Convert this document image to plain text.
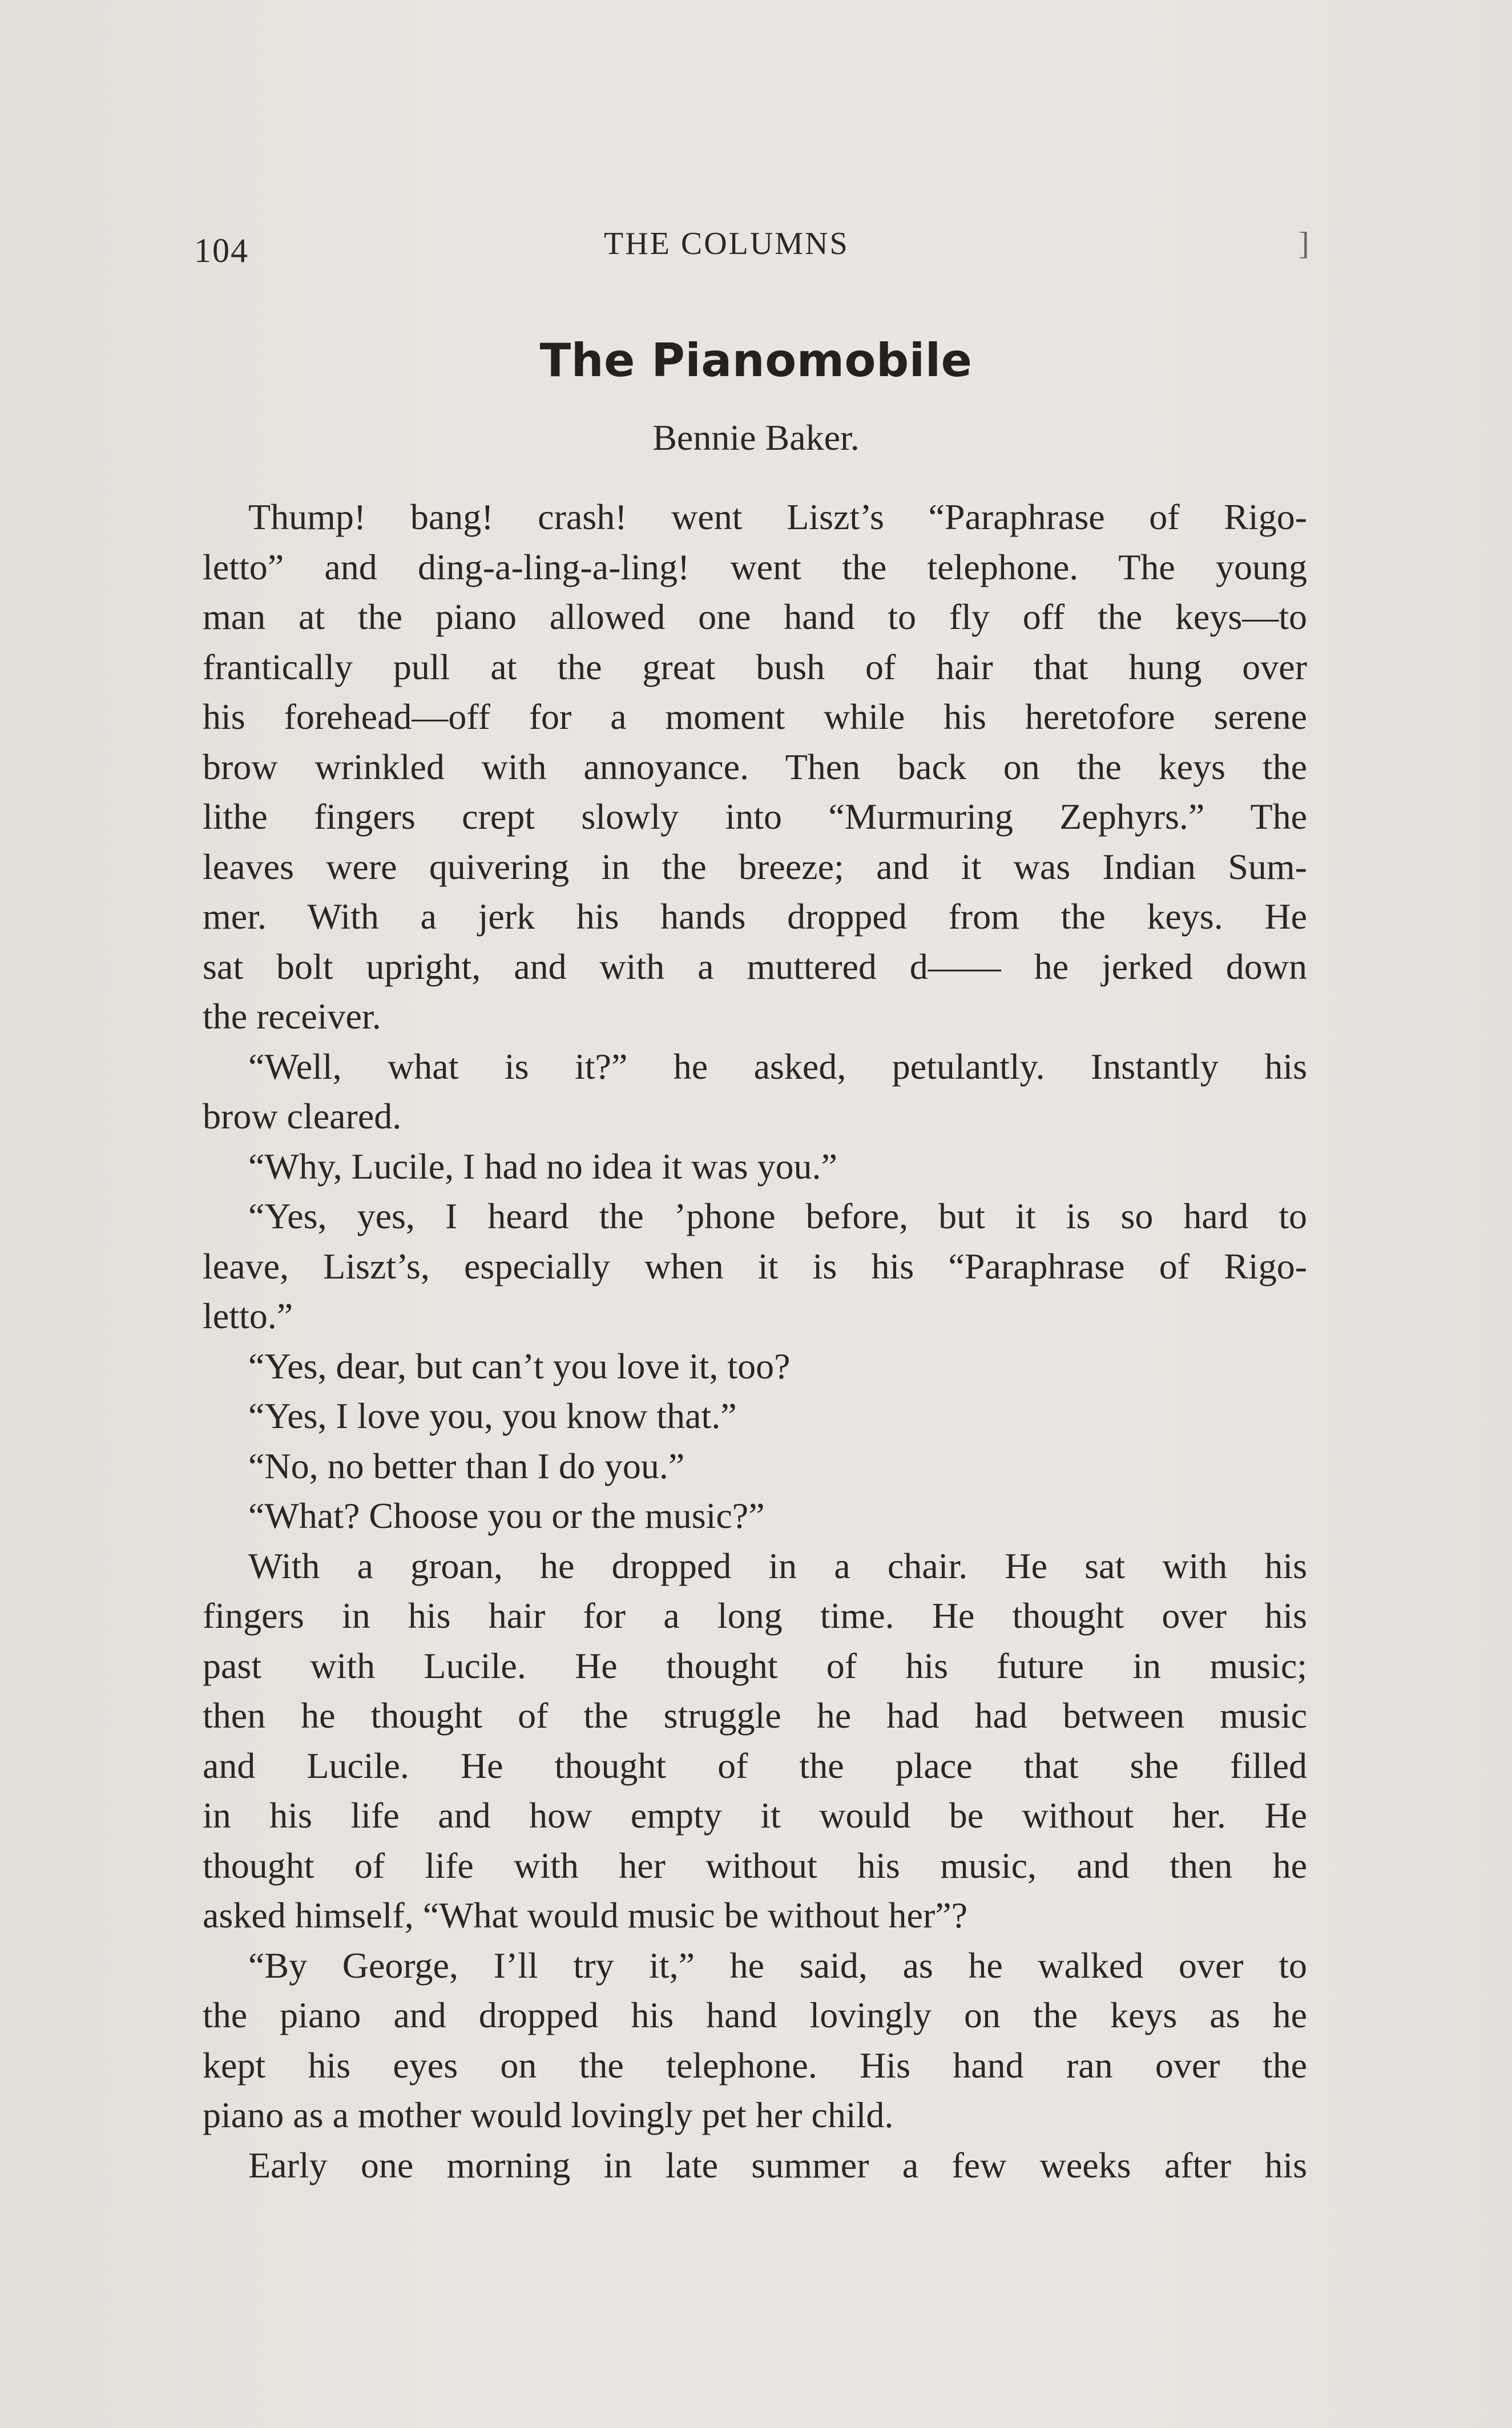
104	THE COLUMNS	]
The Pianomobile
Bennie Baker.
Thump! bang! crash! went Liszt’s “Paraphrase of Rigo-
letto” and ding-a-ling-a-ling! went the telephone. The young
man at the piano allowed one hand to fly off the keys—to
frantically pull at the great bush of hair that hung over
his forehead—off for a moment while his heretofore serene
brow wrinkled with annoyance. Then back on the keys the
lithe fingers crept slowly into “Murmuring Zephyrs.” The
leaves were quivering in the breeze; and it was Indian Sum-
mer. With a jerk his hands dropped from the keys. He
sat bolt upright, and with a muttered d—— he jerked down
the receiver.
“Well, what is it?” he asked, petulantly. Instantly his
brow cleared.
“Why, Lucile, I had no idea it was you.”
“Yes, yes, I heard the ’phone before, but it is so hard to
leave, Liszt’s, especially when it is his “Paraphrase of Rigo-
letto.”
“Yes, dear, but can’t you love it, too?
“Yes, I love you, you know that.”
“No, no better than I do you.”
“What? Choose you or the music?”
With a groan, he dropped in a chair. He sat with his
fingers in his hair for a long time. He thought over his
past with Lucile. He thought of his future in music;
then he thought of the struggle he had had between music
and Lucile. He thought of the place that she filled
in his life and how empty it would be without her. He
thought of life with her without his music, and then he
asked himself, “What would music be without her”?
“By George, I’ll try it,” he said, as he walked over to
the piano and dropped his hand lovingly on the keys as he
kept his eyes on the telephone. His hand ran over the
piano as a mother would lovingly pet her child.
Early one morning in late summer a few weeks after his
